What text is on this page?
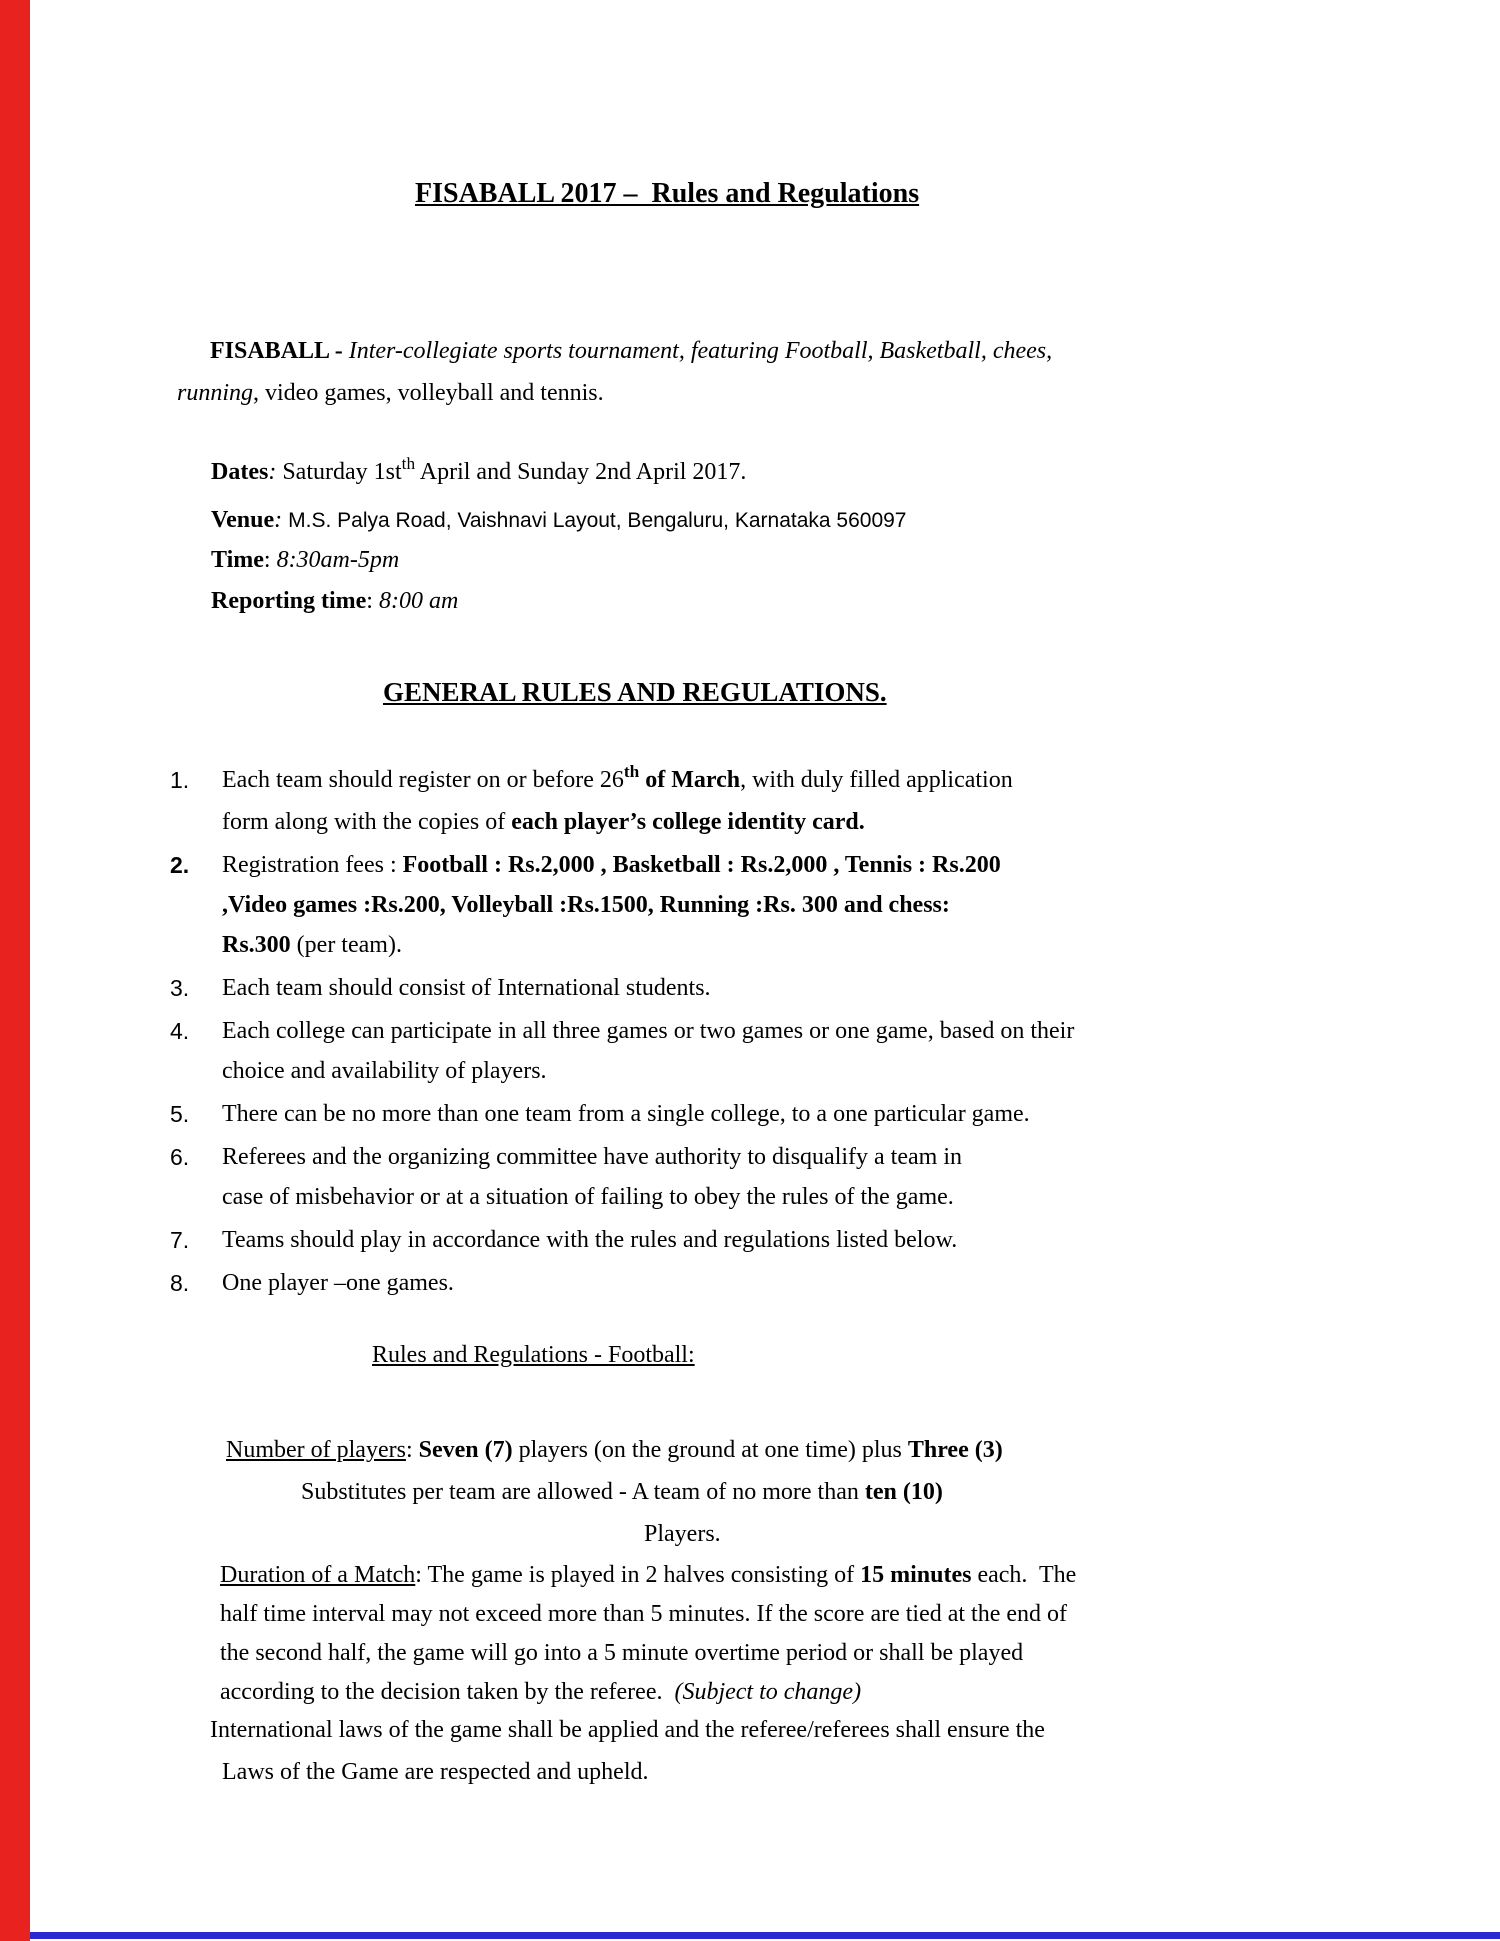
FISABALL 2017 –  Rules and Regulations
FISABALL - Inter-collegiate sports tournament, featuring Football, Basketball, chees,
running, video games, volleyball and tennis.
Dates: Saturday $1st^{th}$ April and Sunday 2nd April 2017.
Venue: M.S. Palya Road, Vaishnavi Layout, Bengaluru, Karnataka 560097
Time: 8:30am-5pm
Reporting time: 8:00 am
GENERAL RULES AND REGULATIONS.
1.	Each team should register on or before 26th of March, with duly filled application
form along with the copies of each player’s college identity card.
2.	Registration fees : Football : Rs.2,000 , Basketball : Rs.2,000 , Tennis : Rs.200
,Video games :Rs.200, Volleyball :Rs.1500, Running :Rs. 300 and chess:
Rs.300 (per team).
3.	Each team should consist of International students.
4.	Each college can participate in all three games or two games or one game, based on their
choice and availability of players.
5.	There can be no more than one team from a single college, to a one particular game.
6.	Referees and the organizing committee have authority to disqualify a team in
case of misbehavior or at a situation of failing to obey the rules of the game.
7.	Teams should play in accordance with the rules and regulations listed below.
8.	One player –one games.
Rules and Regulations - Football:
Number of players: Seven (7) players (on the ground at one time) plus Three (3)
Substitutes per team are allowed - A team of no more than ten (10)
Players.
Duration of a Match: The game is played in 2 halves consisting of 15 minutes each.  The
half time interval may not exceed more than 5 minutes. If the score are tied at the end of
the second half, the game will go into a 5 minute overtime period or shall be played
according to the decision taken by the referee.  (Subject to change)
International laws of the game shall be applied and the referee/referees shall ensure the
Laws of the Game are respected and upheld.
